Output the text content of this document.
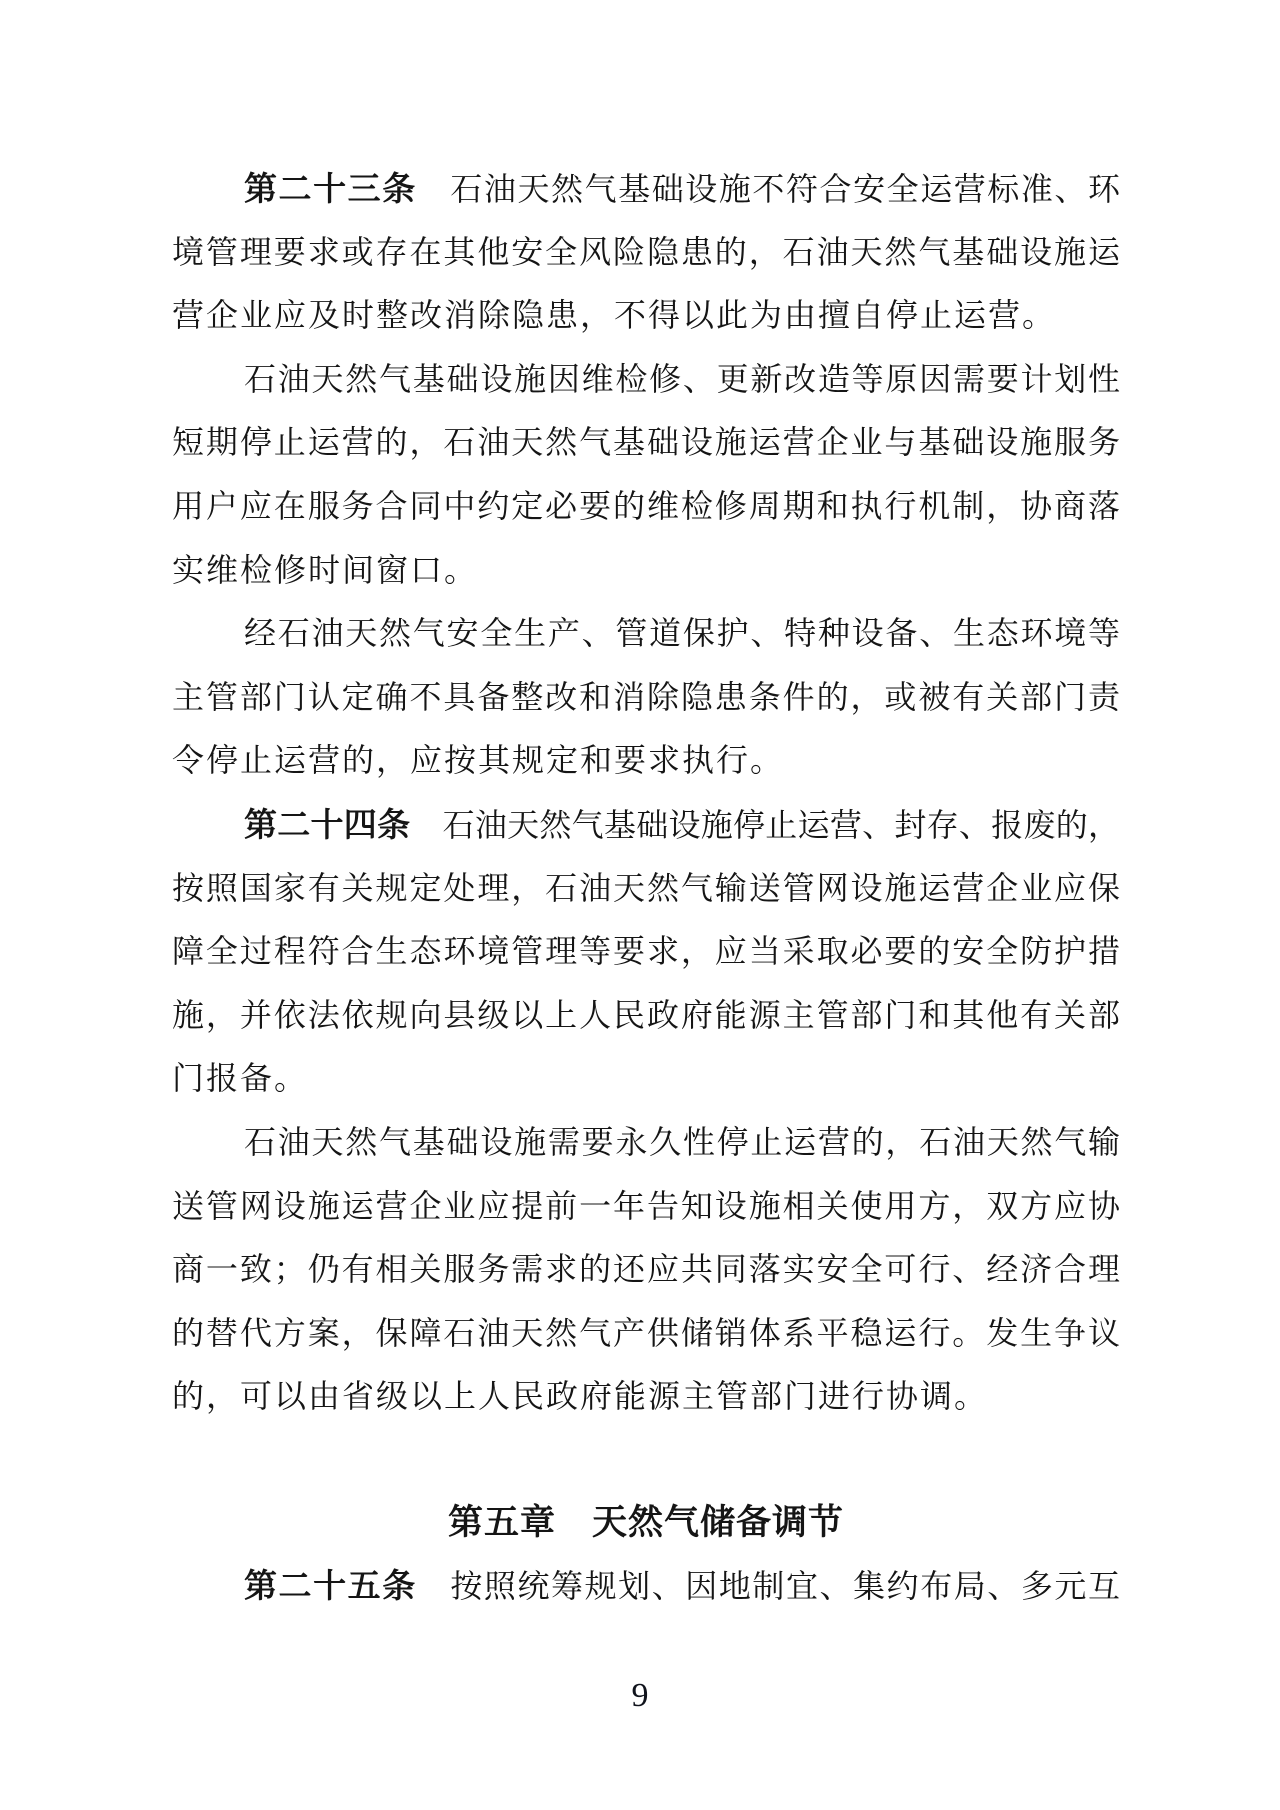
第二十三条　石油天然气基础设施不符合安全运营标准、环
境管理要求或存在其他安全风险隐患的，石油天然气基础设施运
营企业应及时整改消除隐患，不得以此为由擅自停止运营。
石油天然气基础设施因维检修、更新改造等原因需要计划性
短期停止运营的，石油天然气基础设施运营企业与基础设施服务
用户应在服务合同中约定必要的维检修周期和执行机制，协商落
实维检修时间窗口。
经石油天然气安全生产、管道保护、特种设备、生态环境等
主管部门认定确不具备整改和消除隐患条件的，或被有关部门责
令停止运营的，应按其规定和要求执行。
第二十四条　石油天然气基础设施停止运营、封存、报废的，
按照国家有关规定处理，石油天然气输送管网设施运营企业应保
障全过程符合生态环境管理等要求，应当采取必要的安全防护措
施，并依法依规向县级以上人民政府能源主管部门和其他有关部
门报备。
石油天然气基础设施需要永久性停止运营的，石油天然气输
送管网设施运营企业应提前一年告知设施相关使用方，双方应协
商一致；仍有相关服务需求的还应共同落实安全可行、经济合理
的替代方案，保障石油天然气产供储销体系平稳运行。发生争议
的，可以由省级以上人民政府能源主管部门进行协调。
第五章　天然气储备调节
第二十五条　按照统筹规划、因地制宜、集约布局、多元互
9
